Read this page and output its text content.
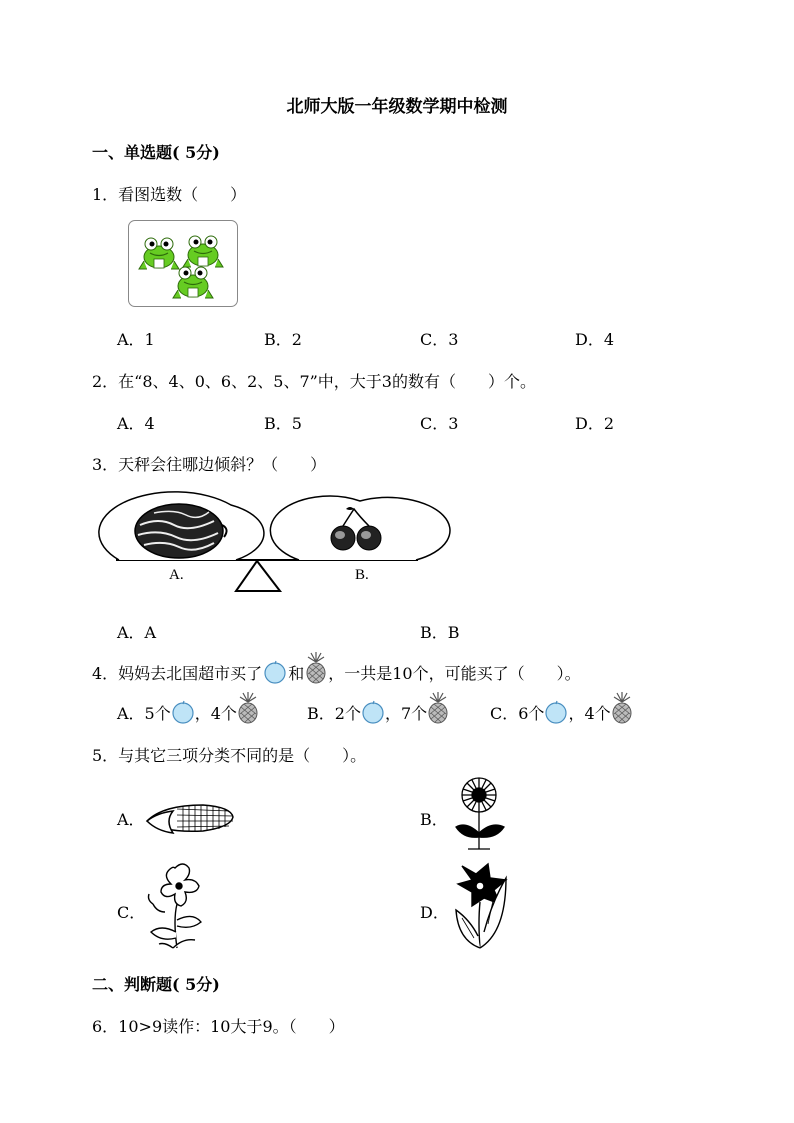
北师大版一年级数学期中检测
一、单选题( 5分)
1．看图选数（　　）
A．1	B．2	C．3	D．4
2．在“8、4、0、6、2、5、7”中，大于3的数有（　　）个。
A．4	B．5	C．3	D．2
3．天秤会往哪边倾斜？（　　）
A.	B.
A．A	B．B
4．妈妈去北国超市买了 和 ，一共是10个，可能买了（　　）。
A．5个 ，4个	B．2个 ，7个	C．6个 ，4个
5．与其它三项分类不同的是（　　）。
A．	B．
C．	D．
二、判断题( 5分)
6．10>9读作：10大于9。（　　）
